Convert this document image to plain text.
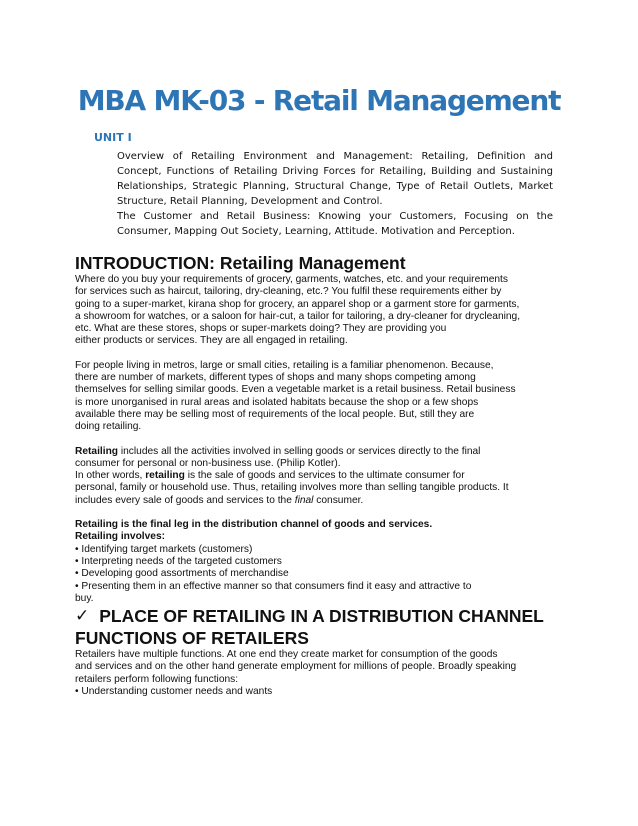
MBA MK-03 - Retail Management
UNIT I

Overview of Retailing Environment and Management: Retailing, Definition and Concept, Functions of Retailing Driving Forces for Retailing, Building and Sustaining Relationships, Strategic Planning, Structural Change, Type of Retail Outlets, Market Structure, Retail Planning, Development and Control.

The Customer and Retail Business: Knowing your Customers, Focusing on the Consumer, Mapping Out Society, Learning, Attitude. Motivation and Perception.

INTRODUCTION: Retailing Management
Where do you buy your requirements of grocery, garments, watches, etc. and your requirements
for services such as haircut, tailoring, dry-cleaning, etc.? You fulfil these requirements either by
going to a super-market, kirana shop for grocery, an apparel shop or a garment store for garments,
a showroom for watches, or a saloon for hair-cut, a tailor for tailoring, a dry-cleaner for drycleaning,
etc. What are these stores, shops or super-markets doing? They are providing you
either products or services. They are all engaged in retailing.
For people living in metros, large or small cities, retailing is a familiar phenomenon. Because,
there are number of markets, different types of shops and many shops competing among
themselves for selling similar goods. Even a vegetable market is a retail business. Retail business
is more unorganised in rural areas and isolated habitats because the shop or a few shops
available there may be selling most of requirements of the local people. But, still they are
doing retailing.
Retailing includes all the activities involved in selling goods or services directly to the final
consumer for personal or non-business use. (Philip Kotler).
In other words, retailing is the sale of goods and services to the ultimate consumer for
personal, family or household use. Thus, retailing involves more than selling tangible products. It
includes every sale of goods and services to the final consumer.
Retailing is the final leg in the distribution channel of goods and services.
Retailing involves:
• Identifying target markets (customers)
• Interpreting needs of the targeted customers
• Developing good assortments of merchandise
• Presenting them in an effective manner so that consumers find it easy and attractive to
buy.
✓ PLACE OF RETAILING IN A DISTRIBUTION CHANNEL
FUNCTIONS OF RETAILERS
Retailers have multiple functions. At one end they create market for consumption of the goods
and services and on the other hand generate employment for millions of people. Broadly speaking
retailers perform following functions:
• Understanding customer needs and wants
